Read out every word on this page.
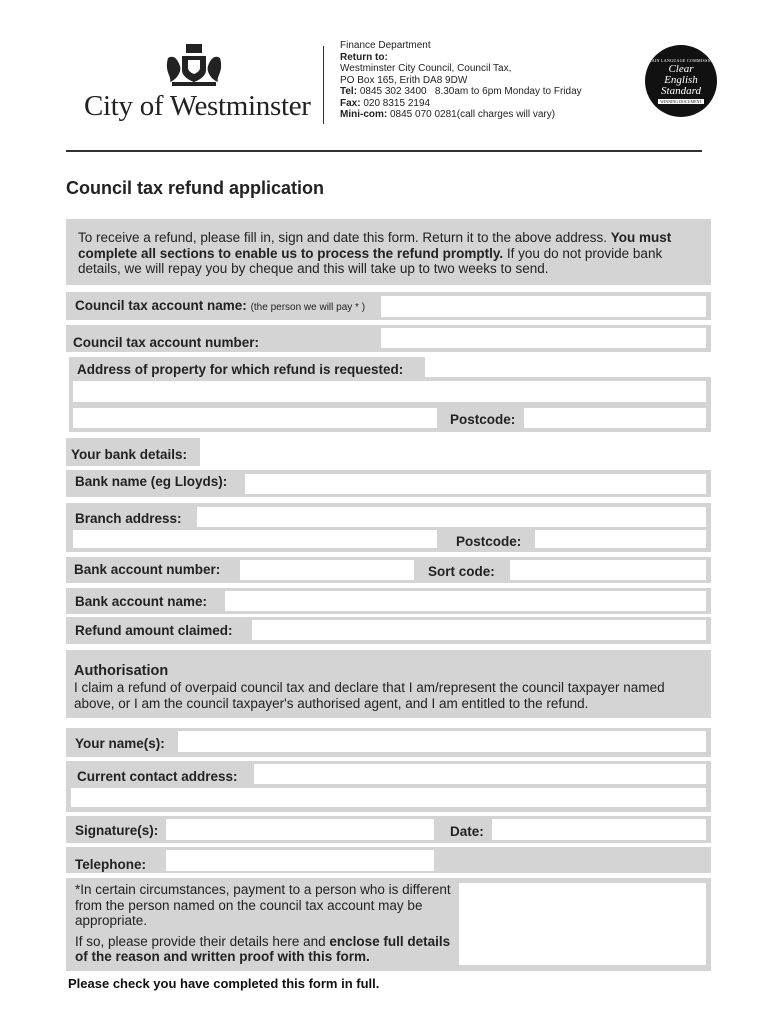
City of Westminster
Finance Department
Return to:
Westminster City Council, Council Tax,
PO Box 165, Erith DA8 9DW
Tel: 0845 302 3400   8.30am to 6pm Monday to Friday
Fax: 020 8315 2194
Mini-com: 0845 070 0281(call charges will vary)
PLAIN LANGUAGE COMMISSION
Clear
English
Standard
WINNING DOCUMENT
Council tax refund application
To receive a refund, please fill in, sign and date this form. Return it to the above address. You must complete all sections to enable us to process the refund promptly. If you do not provide bank details, we will repay you by cheque and this will take up to two weeks to send.
Council tax account name: (the person we will pay * )
Council tax account number:
Address of property for which refund is requested:
Postcode:
Your bank details:
Bank name (eg Lloyds):
Branch address:
Postcode:
Bank account number:	Sort code:
Bank account name:
Refund amount claimed:
Authorisation
I claim a refund of overpaid council tax and declare that I am/represent the council taxpayer named above, or I am the council taxpayer's authorised agent, and I am entitled to the refund.
Your name(s):
Current contact address:
Signature(s):	Date:
Telephone:
*In certain circumstances, payment to a person who is different from the person named on the council tax account may be appropriate.
If so, please provide their details here and enclose full details of the reason and written proof with this form.
Please check you have completed this form in full.
